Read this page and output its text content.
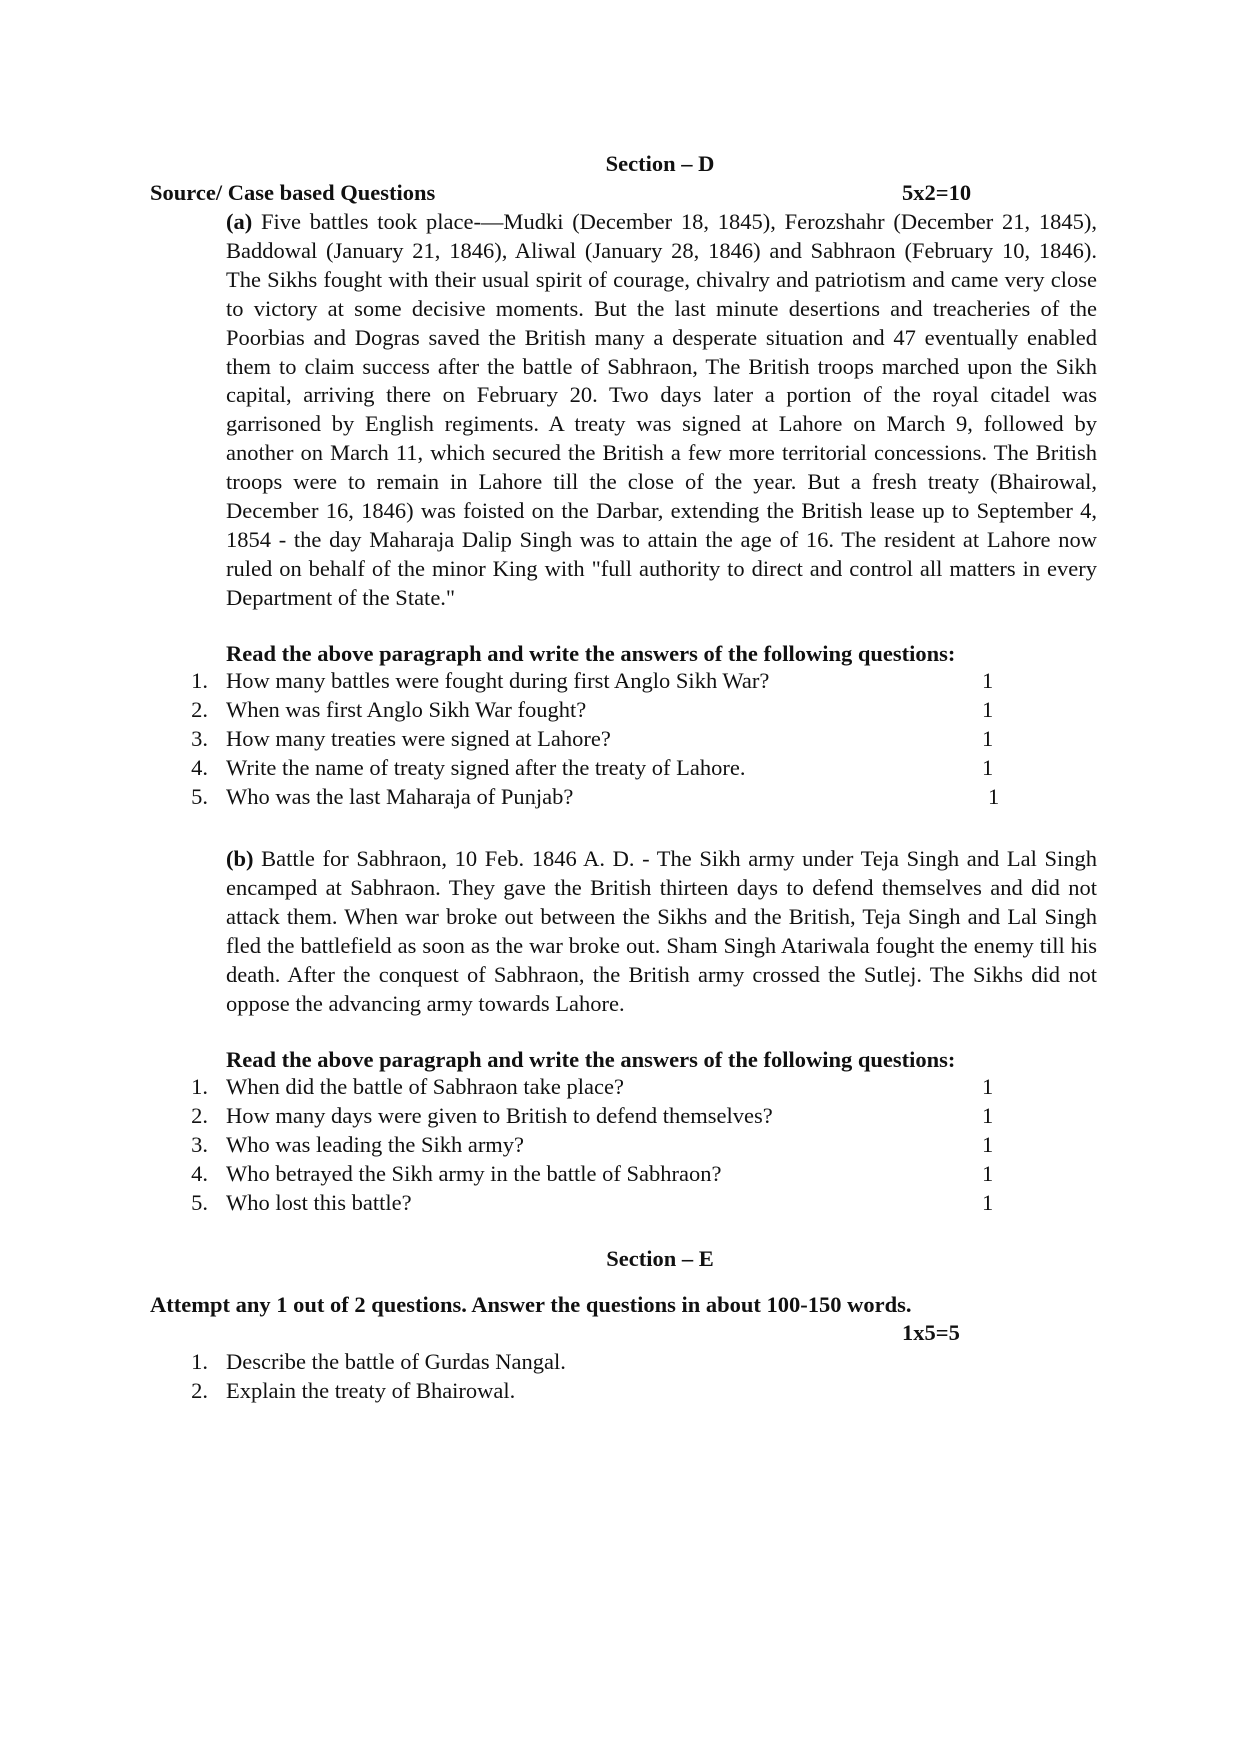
Section – D
Source/ Case based Questions	5x2=10
(a) Five battles took place-—Mudki (December 18, 1845), Ferozshahr (December 21, 1845), Baddowal (January 21, 1846), Aliwal (January 28, 1846) and Sabhraon (February 10, 1846). The Sikhs fought with their usual spirit of courage, chivalry and patriotism and came very close to victory at some decisive moments. But the last minute desertions and treacheries of the Poorbias and Dogras saved the British many a desperate situation and 47 eventually enabled them to claim success after the battle of Sabhraon, The British troops marched upon the Sikh capital, arriving there on February 20. Two days later a portion of the royal citadel was garrisoned by English regiments. A treaty was signed at Lahore on March 9, followed by another on March 11, which secured the British a few more territorial concessions. The British troops were to remain in Lahore till the close of the year. But a fresh treaty (Bhairowal, December 16, 1846) was foisted on the Darbar, extending the British lease up to September 4, 1854 - the day Maharaja Dalip Singh was to attain the age of 16. The resident at Lahore now ruled on behalf of the minor King with "full authority to direct and control all matters in every Department of the State."
Read the above paragraph and write the answers of the following questions:
1. How many battles were fought during first Anglo Sikh War?	1
2. When was first Anglo Sikh War fought?	1
3. How many treaties were signed at Lahore?	1
4. Write the name of treaty signed after the treaty of Lahore.	1
5. Who was the last Maharaja of Punjab?	1
(b) Battle for Sabhraon, 10 Feb. 1846 A. D. - The Sikh army under Teja Singh and Lal Singh encamped at Sabhraon. They gave the British thirteen days to defend themselves and did not attack them. When war broke out between the Sikhs and the British, Teja Singh and Lal Singh fled the battlefield as soon as the war broke out. Sham Singh Atariwala fought the enemy till his death. After the conquest of Sabhraon, the British army crossed the Sutlej. The Sikhs did not oppose the advancing army towards Lahore.
Read the above paragraph and write the answers of the following questions:
1. When did the battle of Sabhraon take place?	1
2. How many days were given to British to defend themselves?	1
3. Who was leading the Sikh army?	1
4. Who betrayed the Sikh army in the battle of Sabhraon?	1
5. Who lost this battle?	1
Section – E
Attempt any 1 out of 2 questions. Answer the questions in about 100-150 words.
1x5=5
1. Describe the battle of Gurdas Nangal.
2. Explain the treaty of Bhairowal.
